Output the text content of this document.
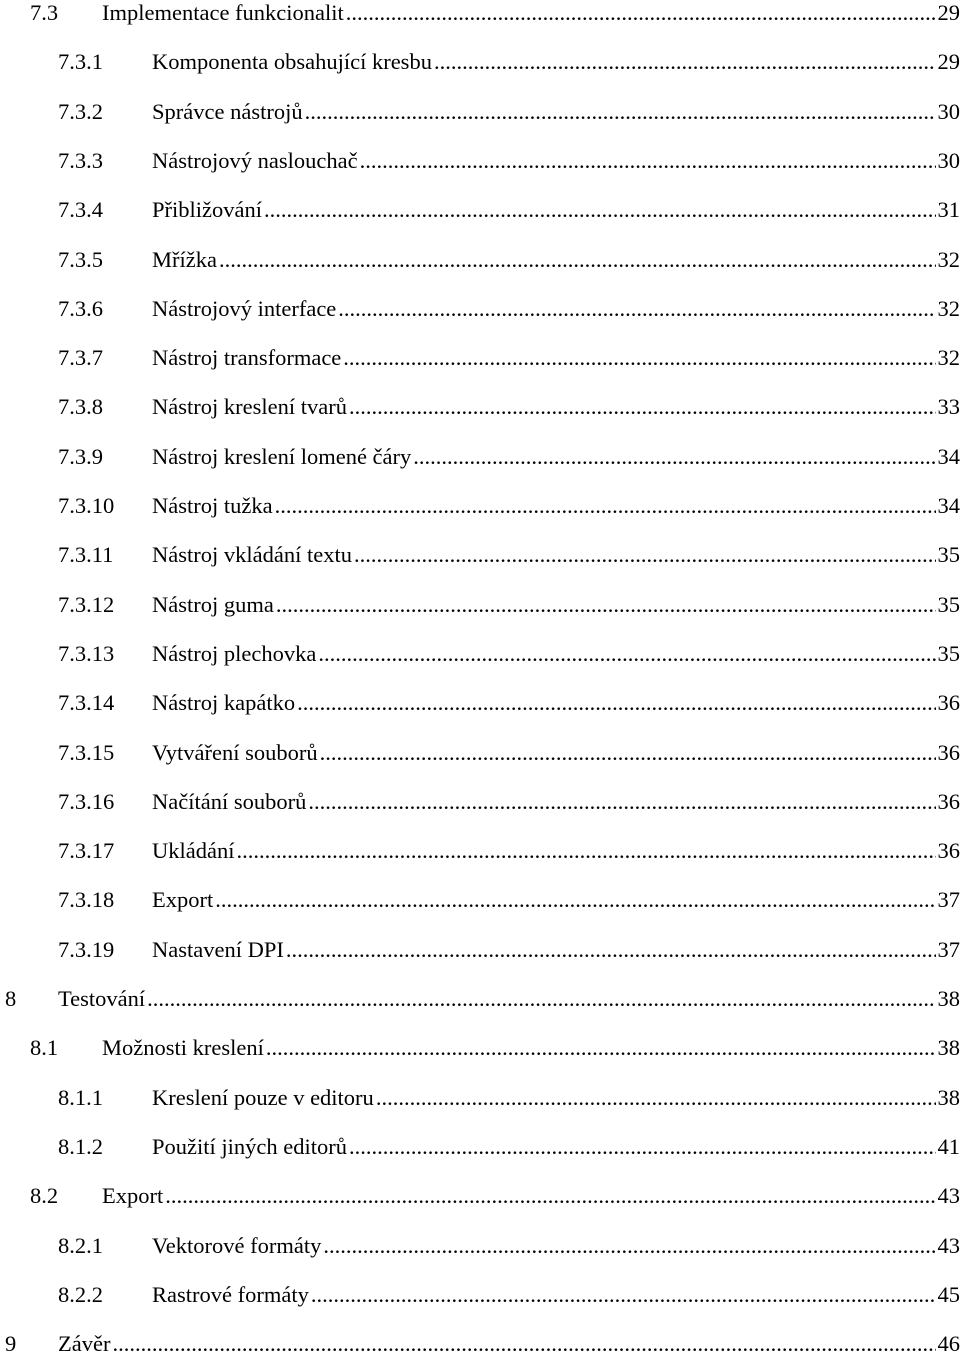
7.3	Implementace funkcionalit .....	29
7.3.1	Komponenta obsahující kresbu .....	29
7.3.2	Správce nástrojů .....	30
7.3.3	Nástrojový naslouchač .....	30
7.3.4	Přibližování .....	31
7.3.5	Mřížka .....	32
7.3.6	Nástrojový interface .....	32
7.3.7	Nástroj transformace .....	32
7.3.8	Nástroj kreslení tvarů .....	33
7.3.9	Nástroj kreslení lomené čáry .....	34
7.3.10	Nástroj tužka .....	34
7.3.11	Nástroj vkládání textu .....	35
7.3.12	Nástroj guma .....	35
7.3.13	Nástroj plechovka .....	35
7.3.14	Nástroj kapátko .....	36
7.3.15	Vytváření souborů .....	36
7.3.16	Načítání souborů .....	36
7.3.17	Ukládání .....	36
7.3.18	Export .....	37
7.3.19	Nastavení DPI .....	37
8	Testování .....	38
8.1	Možnosti kreslení .....	38
8.1.1	Kreslení pouze v editoru .....	38
8.1.2	Použití jiných editorů .....	41
8.2	Export .....	43
8.2.1	Vektorové formáty .....	43
8.2.2	Rastrové formáty .....	45
9	Závěr .....	46
